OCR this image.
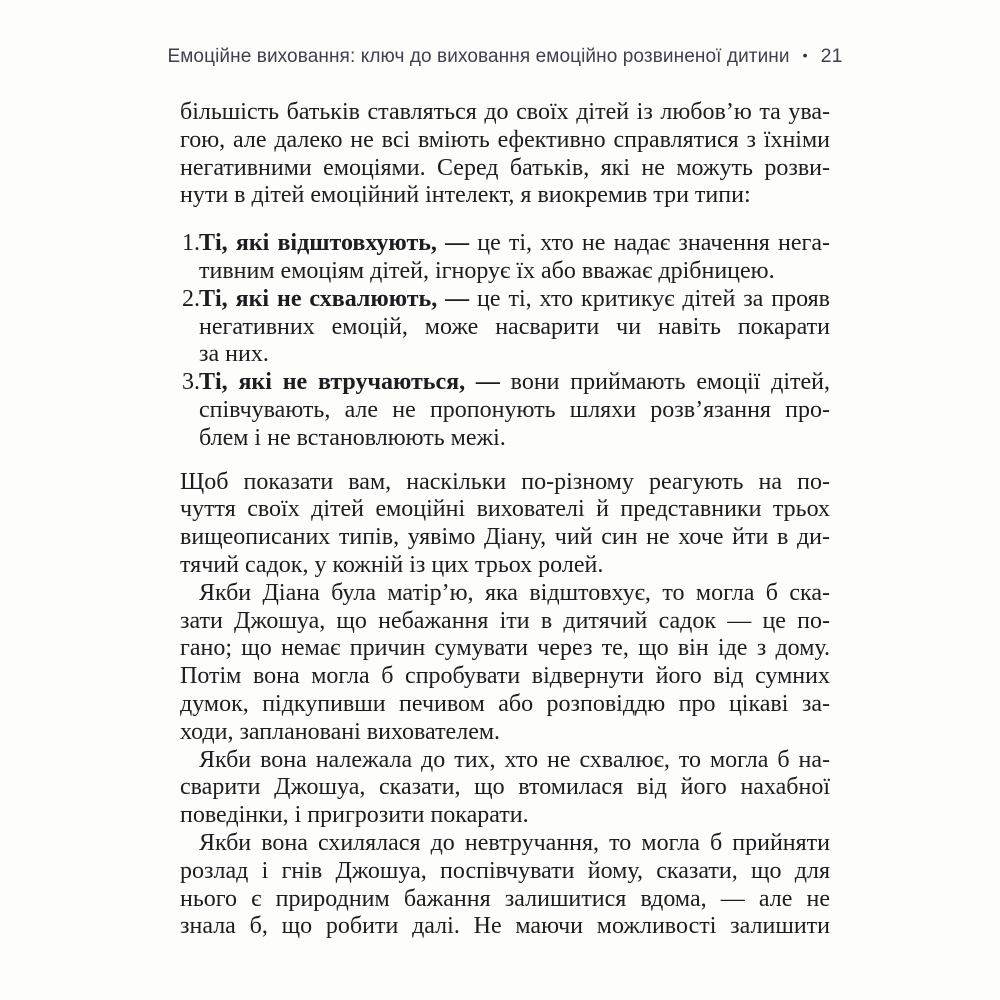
Емоційне виховання: ключ до виховання емоційно розвиненої дитини • 21
більшість батьків ставляться до своїх дітей із любов’ю та ува-
гою, але далеко не всі вміють ефективно справлятися з їхніми
негативними емоціями. Серед батьків, які не можуть розви-
нути в дітей емоційний інтелект, я виокремив три типи:
1. Ті, які відштовхують, — це ті, хто не надає значення нега-
тивним емоціям дітей, ігнорує їх або вважає дрібницею.
2. Ті, які не схвалюють, — це ті, хто критикує дітей за прояв
негативних емоцій, може насварити чи навіть покарати
за них.
3. Ті, які не втручаються, — вони приймають емоції дітей,
співчувають, але не пропонують шляхи розв’язання про-
блем і не встановлюють межі.
Щоб показати вам, наскільки по-різному реагують на по-
чуття своїх дітей емоційні вихователі й представники трьох
вищеописаних типів, уявімо Діану, чий син не хоче йти в ди-
тячий садок, у кожній із цих трьох ролей.
Якби Діана була матір’ю, яка відштовхує, то могла б ска-
зати Джошуа, що небажання іти в дитячий садок — це по-
гано; що немає причин сумувати через те, що він іде з дому.
Потім вона могла б спробувати відвернути його від сумних
думок, підкупивши печивом або розповіддю про цікаві за-
ходи, заплановані вихователем.
Якби вона належала до тих, хто не схвалює, то могла б на-
сварити Джошуа, сказати, що втомилася від його нахабної
поведінки, і пригрозити покарати.
Якби вона схилялася до невтручання, то могла б прийняти
розлад і гнів Джошуа, поспівчувати йому, сказати, що для
нього є природним бажання залишитися вдома, — але не
знала б, що робити далі. Не маючи можливості залишити
